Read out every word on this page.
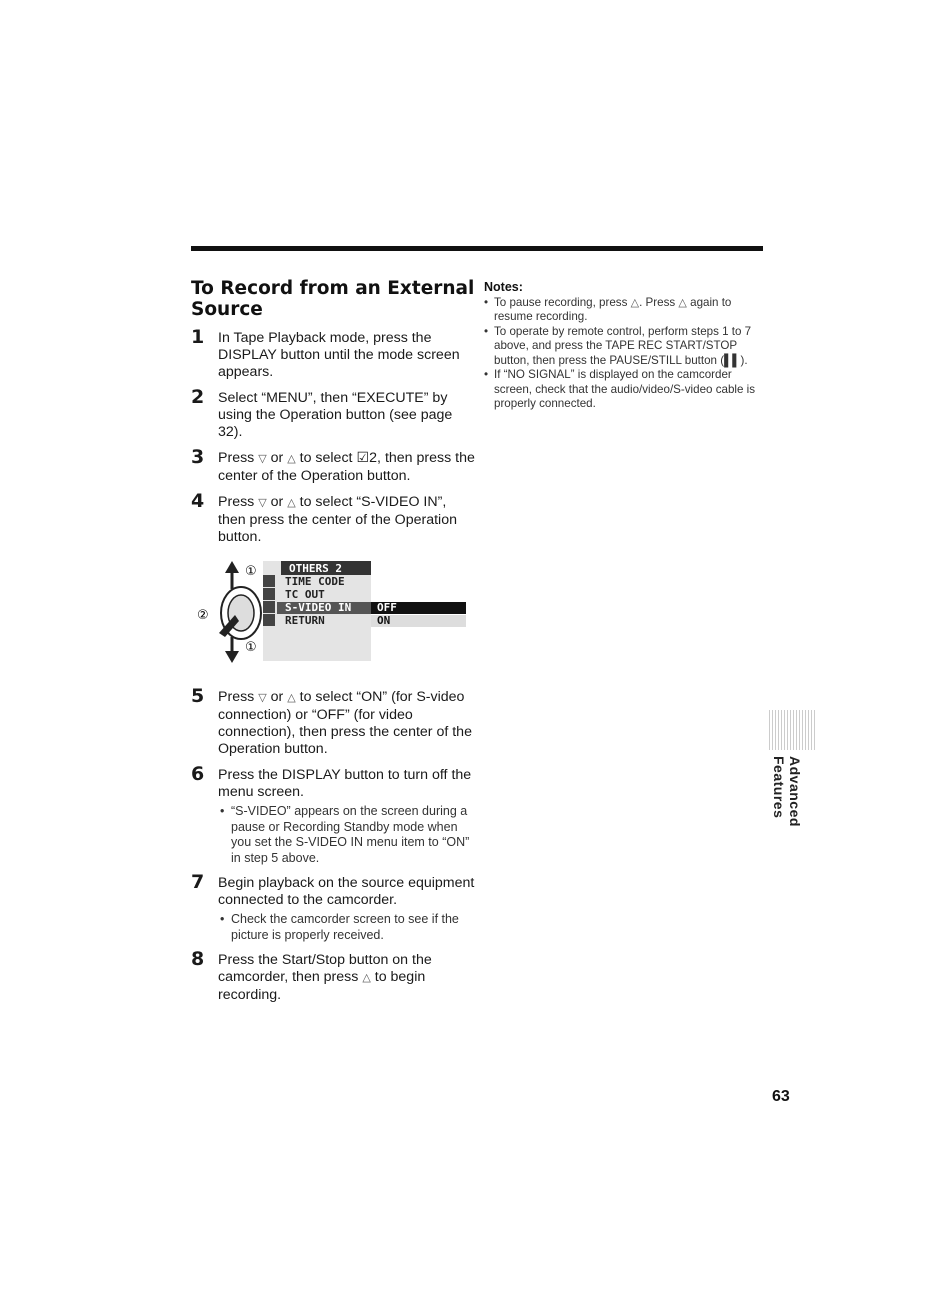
To Record from an External
Source
1 In Tape Playback mode, press the DISPLAY button until the mode screen appears.
2 Select “MENU”, then “EXECUTE” by using the Operation button (see page 32).
3 Press ▽ or △ to select ☑2, then press the center of the Operation button.
4 Press ▽ or △ to select “S-VIDEO IN”, then press the center of the Operation button.
①
②
①
OTHERS 2
TIME CODE
TC OUT
S-VIDEO IN
RETURN
OFF
ON
5 Press ▽ or △ to select “ON” (for S-video connection) or “OFF” (for video connection), then press the center of the Operation button.
6 Press the DISPLAY button to turn off the menu screen.
• “S-VIDEO” appears on the screen during a pause or Recording Standby mode when you set the S-VIDEO IN menu item to “ON” in step 5 above.
7 Begin playback on the source equipment connected to the camcorder.
• Check the camcorder screen to see if the picture is properly received.
8 Press the Start/Stop button on the camcorder, then press △ to begin recording.
Notes:
• To pause recording, press △. Press △ again to resume recording.
• To operate by remote control, perform steps 1 to 7 above, and press the TAPE REC START/STOP button, then press the PAUSE/STILL button (▌▌).
• If “NO SIGNAL” is displayed on the camcorder screen, check that the audio/video/S-video cable is properly connected.
Advanced Features
63
